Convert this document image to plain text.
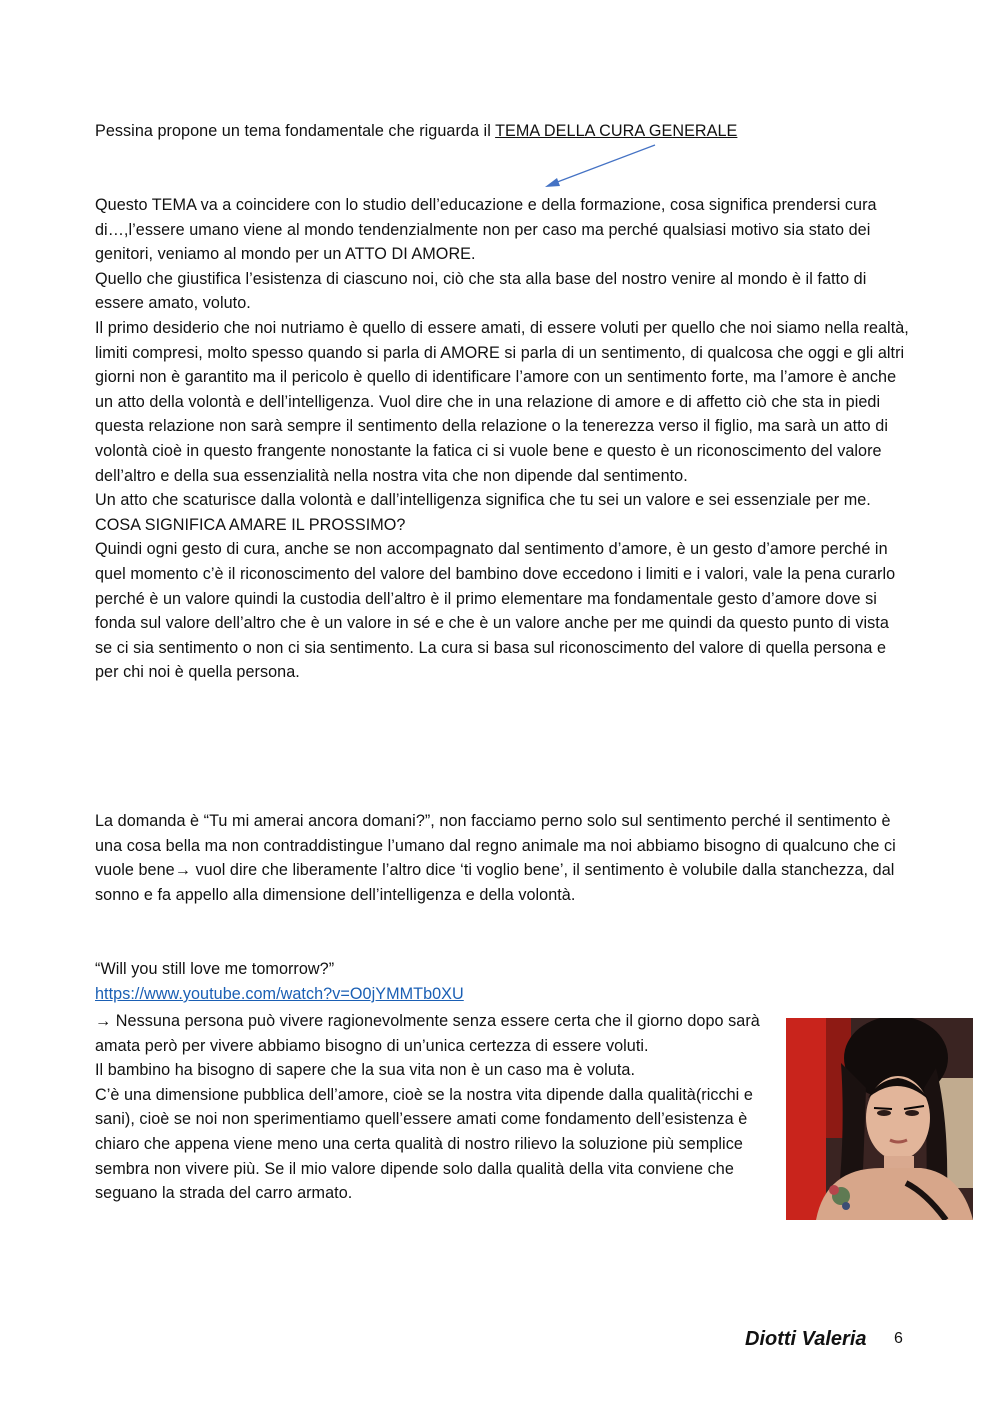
Pessina propone un tema fondamentale che riguarda il TEMA DELLA CURA GENERALE
Questo TEMA va a coincidere con lo studio dell’educazione e della formazione, cosa significa prendersi cura di…,l’essere umano viene al mondo tendenzialmente non per caso ma perché qualsiasi motivo sia stato dei genitori, veniamo al mondo per un ATTO DI AMORE.
Quello che giustifica l’esistenza di ciascuno noi, ciò che sta alla base del nostro venire al mondo è il fatto di essere amato, voluto.
Il primo desiderio che noi nutriamo è quello di essere amati, di essere voluti per quello che noi siamo nella realtà, limiti compresi, molto spesso quando si parla di AMORE si parla di un sentimento, di qualcosa che oggi e gli altri giorni non è garantito ma il pericolo è quello di identificare l’amore con un sentimento forte, ma l’amore è anche un atto della volontà e dell’intelligenza. Vuol dire che in una relazione di amore e di affetto ciò che sta in piedi questa relazione non sarà sempre il sentimento della relazione o la tenerezza verso il figlio, ma sarà un atto di volontà cioè in questo frangente nonostante la fatica ci si vuole bene e questo è un riconoscimento del valore dell’altro e della sua essenzialità nella nostra vita che non dipende dal sentimento.
Un atto che scaturisce dalla volontà e dall’intelligenza significa che tu sei un valore e sei essenziale per me.
COSA SIGNIFICA AMARE IL PROSSIMO?
Quindi ogni gesto di cura, anche se non accompagnato dal sentimento d’amore, è un gesto d’amore perché in quel momento c’è il riconoscimento del valore del bambino dove eccedono i limiti e i valori, vale la pena curarlo perché è un valore quindi la custodia dell’altro è il primo elementare ma fondamentale gesto d’amore dove si fonda sul valore dell’altro che è un valore in sé e che è un valore anche per me quindi da questo punto di vista se ci sia sentimento o non ci sia sentimento. La cura si basa sul riconoscimento del valore di quella persona e per chi noi è quella persona.
La domanda è “Tu mi amerai ancora domani?”, non facciamo perno solo sul sentimento perché il sentimento è una cosa bella ma non contraddistingue l’umano dal regno animale ma noi abbiamo bisogno di qualcuno che ci vuole bene→ vuol dire che liberamente l’altro dice ‘ti voglio bene’, il sentimento è volubile dalla stanchezza, dal sonno e fa appello alla dimensione dell’intelligenza e della volontà.
“Will you still love me tomorrow?”
https://www.youtube.com/watch?v=O0jYMMTb0XU
→ Nessuna persona può vivere ragionevolmente senza essere certa che il giorno dopo sarà amata però per vivere abbiamo bisogno di un’unica certezza di essere voluti.
Il bambino ha bisogno di sapere che la sua vita non è un caso ma è voluta.
C’è una dimensione pubblica dell’amore, cioè se la nostra vita dipende dalla qualità(ricchi e sani), cioè se noi non sperimentiamo quell’essere amati come fondamento dell’esistenza è chiaro che appena viene meno una certa qualità di nostro rilievo la soluzione più semplice sembra non vivere più. Se il mio valore dipende solo dalla qualità della vita conviene che seguano la strada del carro armato.
Diotti Valeria 6
